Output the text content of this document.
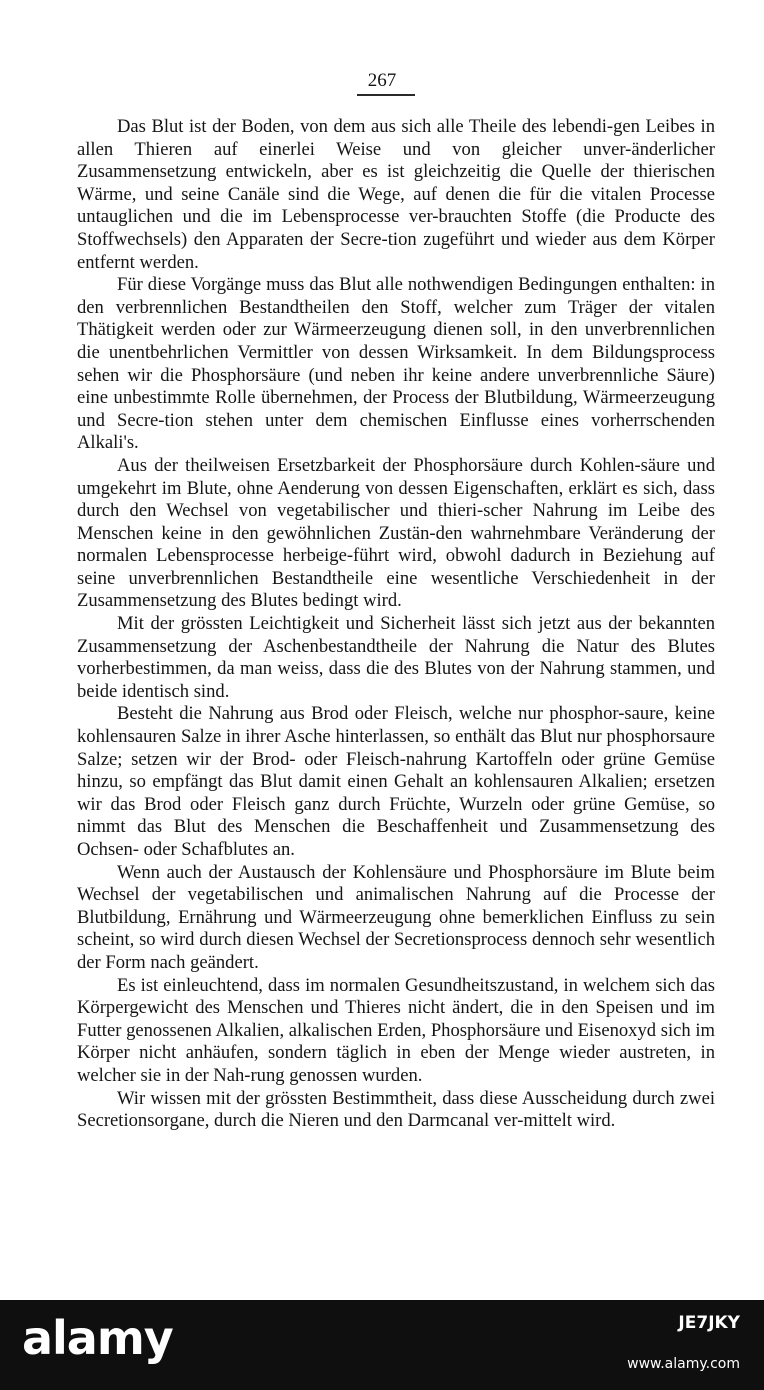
267

Das Blut ist der Boden, von dem aus sich alle Theile des lebendi-gen Leibes in allen Thieren auf einerlei Weise und von gleicher unver-änderlicher Zusammensetzung entwickeln, aber es ist gleichzeitig die Quelle der thierischen Wärme, und seine Canäle sind die Wege, auf denen die für die vitalen Processe untauglichen und die im Lebensprocesse ver-brauchten Stoffe (die Producte des Stoffwechsels) den Apparaten der Secre-tion zugeführt und wieder aus dem Körper entfernt werden.

Für diese Vorgänge muss das Blut alle nothwendigen Bedingungen enthalten: in den verbrennlichen Bestandtheilen den Stoff, welcher zum Träger der vitalen Thätigkeit werden oder zur Wärmeerzeugung dienen soll, in den unverbrennlichen die unentbehrlichen Vermittler von dessen Wirksamkeit. In dem Bildungsprocess sehen wir die Phosphorsäure (und neben ihr keine andere unverbrennliche Säure) eine unbestimmte Rolle übernehmen, der Process der Blutbildung, Wärmeerzeugung und Secre-tion stehen unter dem chemischen Einflusse eines vorherrschenden Alkali's.

Aus der theilweisen Ersetzbarkeit der Phosphorsäure durch Kohlen-säure und umgekehrt im Blute, ohne Aenderung von dessen Eigenschaften, erklärt es sich, dass durch den Wechsel von vegetabilischer und thieri-scher Nahrung im Leibe des Menschen keine in den gewöhnlichen Zustän-den wahrnehmbare Veränderung der normalen Lebensprocesse herbeige-führt wird, obwohl dadurch in Beziehung auf seine unverbrennlichen Bestandtheile eine wesentliche Verschiedenheit in der Zusammensetzung des Blutes bedingt wird.

Mit der grössten Leichtigkeit und Sicherheit lässt sich jetzt aus der bekannten Zusammensetzung der Aschenbestandtheile der Nahrung die Natur des Blutes vorherbestimmen, da man weiss, dass die des Blutes von der Nahrung stammen, und beide identisch sind.

Besteht die Nahrung aus Brod oder Fleisch, welche nur phosphor-saure, keine kohlensauren Salze in ihrer Asche hinterlassen, so enthält das Blut nur phosphorsaure Salze; setzen wir der Brod- oder Fleisch-nahrung Kartoffeln oder grüne Gemüse hinzu, so empfängt das Blut damit einen Gehalt an kohlensauren Alkalien; ersetzen wir das Brod oder Fleisch ganz durch Früchte, Wurzeln oder grüne Gemüse, so nimmt das Blut des Menschen die Beschaffenheit und Zusammensetzung des Ochsen- oder Schafblutes an.

Wenn auch der Austausch der Kohlensäure und Phosphorsäure im Blute beim Wechsel der vegetabilischen und animalischen Nahrung auf die Processe der Blutbildung, Ernährung und Wärmeerzeugung ohne bemerklichen Einfluss zu sein scheint, so wird durch diesen Wechsel der Secretionsprocess dennoch sehr wesentlich der Form nach geändert.

Es ist einleuchtend, dass im normalen Gesundheitszustand, in welchem sich das Körpergewicht des Menschen und Thieres nicht ändert, die in den Speisen und im Futter genossenen Alkalien, alkalischen Erden, Phosphorsäure und Eisenoxyd sich im Körper nicht anhäufen, sondern täglich in eben der Menge wieder austreten, in welcher sie in der Nah-rung genossen wurden.

Wir wissen mit der grössten Bestimmtheit, dass diese Ausscheidung durch zwei Secretionsorgane, durch die Nieren und den Darmcanal ver-mittelt wird.

alamy	JE7JKY
www.alamy.com
